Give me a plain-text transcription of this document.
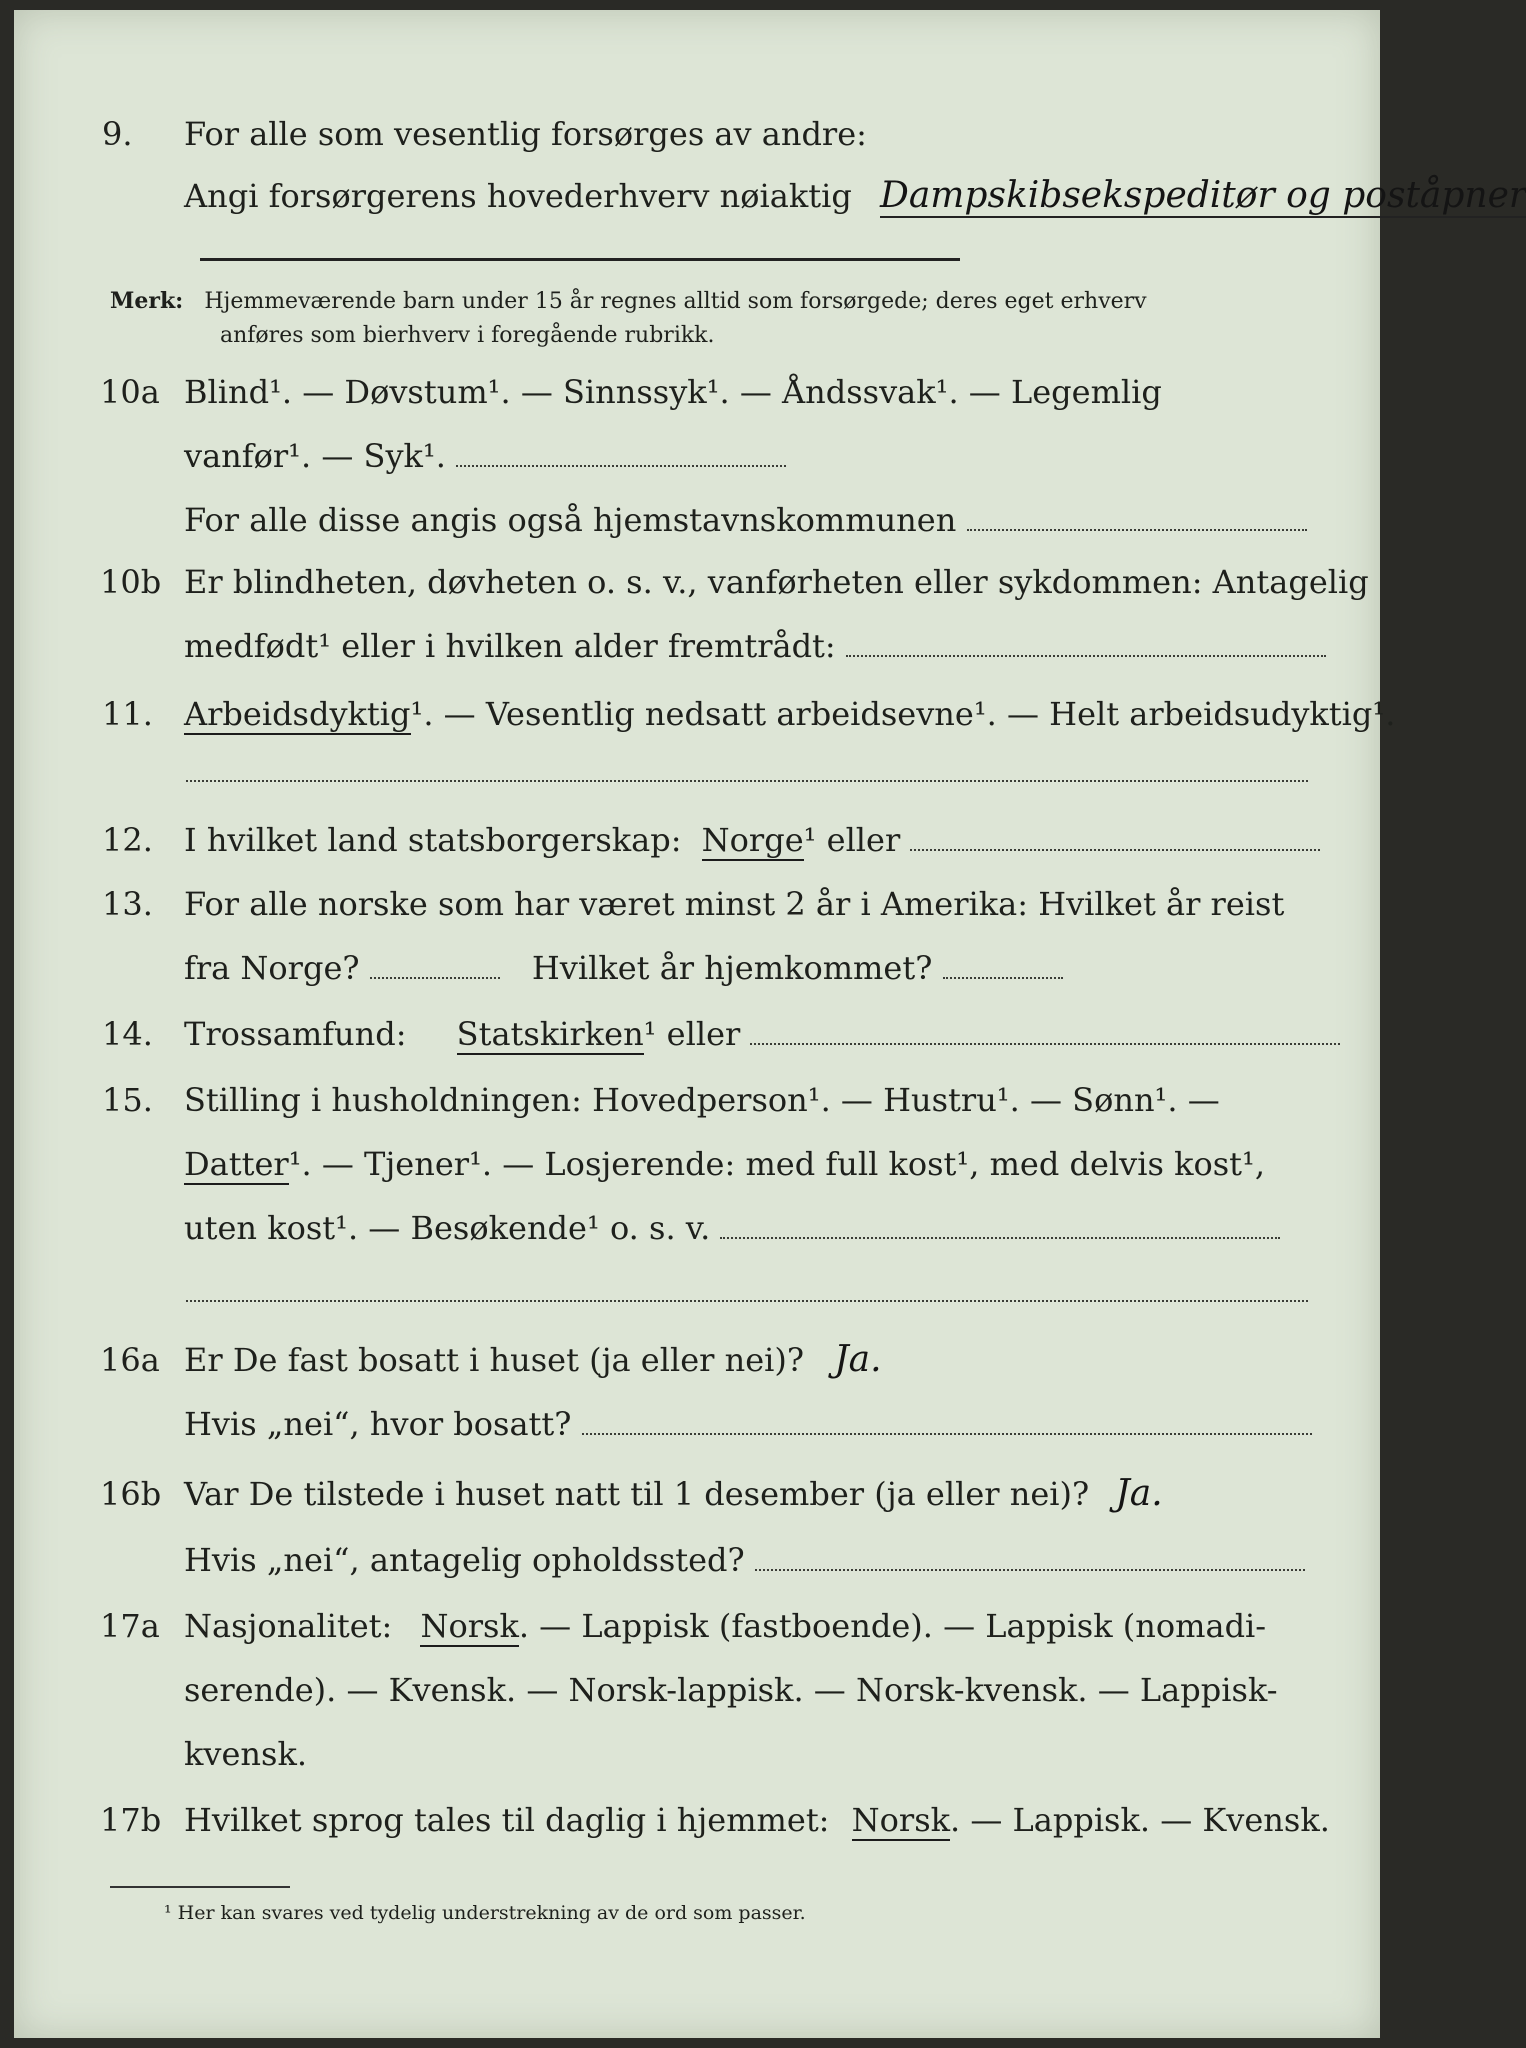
9. For alle som vesentlig forsørges av andre:
Angi forsørgerens hovederhverv nøiaktig Dampskibsekspeditør og poståpner
Merk: Hjemmeværende barn under 15 år regnes alltid som forsørgede; deres eget erhverv
anføres som bierhverv i foregående rubrikk.
10a Blind¹. — Døvstum¹. — Sinnssyk¹. — Åndssvak¹. — Legemlig
vanfør¹. — Syk¹.
For alle disse angis også hjemstavnskommunen
10b Er blindheten, døvheten o. s. v., vanførheten eller sykdommen: Antagelig
medfødt¹ eller i hvilken alder fremtrådt:
11. Arbeidsdyktig¹. — Vesentlig nedsatt arbeidsevne¹. — Helt arbeidsudyktig¹.
12. I hvilket land statsborgerskap: Norge¹ eller
13. For alle norske som har været minst 2 år i Amerika: Hvilket år reist
fra Norge?	Hvilket år hjemkommet?
14. Trossamfund: Statskirken¹ eller
15. Stilling i husholdningen: Hovedperson¹. — Hustru¹. — Sønn¹. —
Datter¹. — Tjener¹. — Losjerende: med full kost¹, med delvis kost¹,
uten kost¹. — Besøkende¹ o. s. v.
16a Er De fast bosatt i huset (ja eller nei)? Ja.
Hvis „nei“, hvor bosatt?
16b Var De tilstede i huset natt til 1 desember (ja eller nei)? Ja.
Hvis „nei“, antagelig opholdssted?
17a Nasjonalitet: Norsk. — Lappisk (fastboende). — Lappisk (nomadi-
serende). — Kvensk. — Norsk-lappisk. — Norsk-kvensk. — Lappisk-
kvensk.
17b Hvilket sprog tales til daglig i hjemmet: Norsk. — Lappisk. — Kvensk.
¹ Her kan svares ved tydelig understrekning av de ord som passer.
